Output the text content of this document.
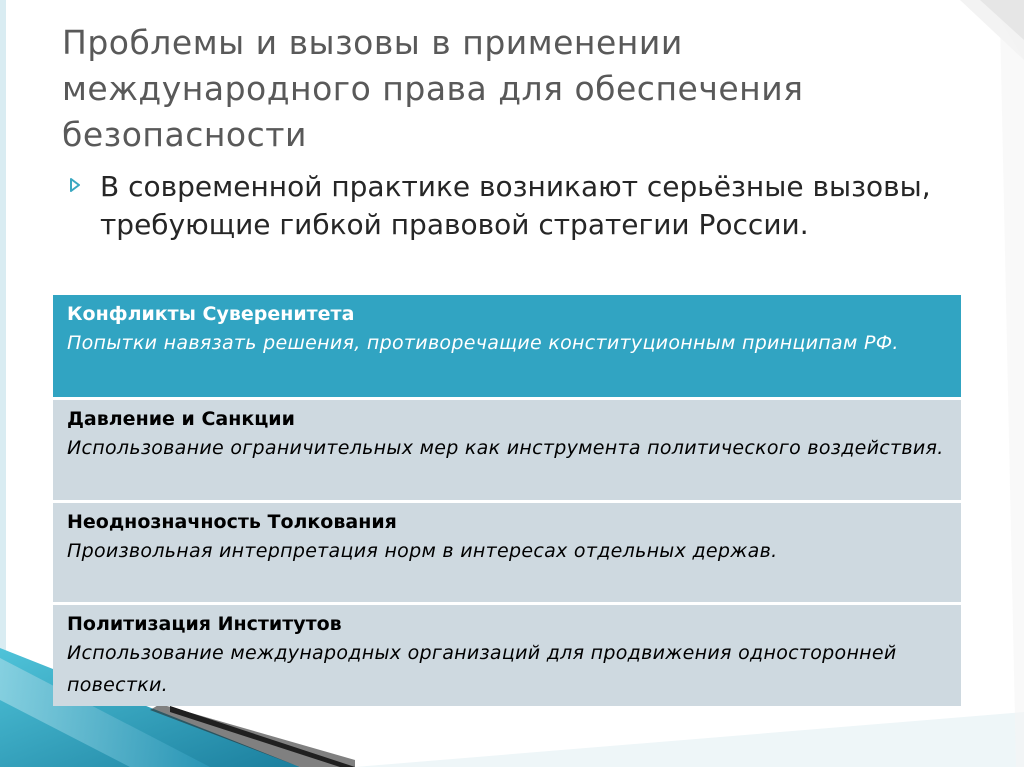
Проблемы и вызовы в применении международного права для обеспечения безопасности
В современной практике возникают серьёзные вызовы, требующие гибкой правовой стратегии России.
Конфликты Суверенитета
Попытки навязать решения, противоречащие конституционным принципам РФ.
Давление и Санкции
Использование ограничительных мер как инструмента политического воздействия.
Неоднозначность Толкования
Произвольная интерпретация норм в интересах отдельных держав.
Политизация Институтов
Использование международных организаций для продвижения односторонней повестки.
